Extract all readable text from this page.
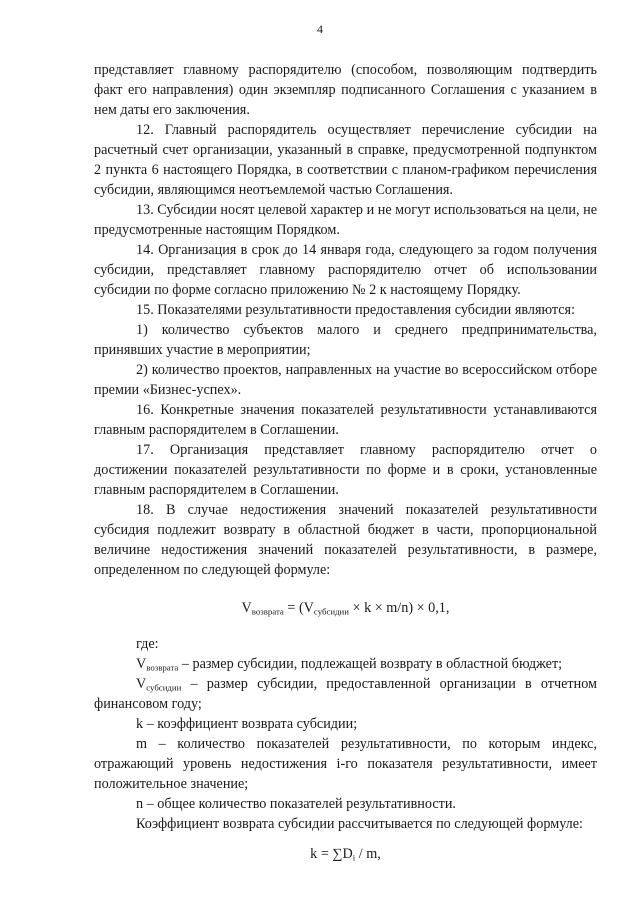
4

представляет главному распорядителю (способом, позволяющим подтвердить факт его направления) один экземпляр подписанного Соглашения с указанием в нем даты его заключения.

12. Главный распорядитель осуществляет перечисление субсидии на расчетный счет организации, указанный в справке, предусмотренной подпунктом 2 пункта 6 настоящего Порядка, в соответствии с планом-графиком перечисления субсидии, являющимся неотъемлемой частью Соглашения.

13. Субсидии носят целевой характер и не могут использоваться на цели, не предусмотренные настоящим Порядком.

14. Организация в срок до 14 января года, следующего за годом получения субсидии, представляет главному распорядителю отчет об использовании субсидии по форме согласно приложению № 2 к настоящему Порядку.

15. Показателями результативности предоставления субсидии являются:

1) количество субъектов малого и среднего предпринимательства, принявших участие в мероприятии;

2) количество проектов, направленных на участие во всероссийском отборе премии «Бизнес-успех».

16. Конкретные значения показателей результативности устанавливаются главным распорядителем в Соглашении.

17. Организация представляет главному распорядителю отчет о достижении показателей результативности по форме и в сроки, установленные главным распорядителем в Соглашении.

18. В случае недостижения значений показателей результативности субсидия подлежит возврату в областной бюджет в части, пропорциональной величине недостижения значений показателей результативности, в размере, определенном по следующей формуле:

$V_{возврата} = (V_{субсидии} \times k \times m/n) \times 0,1$,

где:

$V_{возврата}$ – размер субсидии, подлежащей возврату в областной бюджет;

$V_{субсидии}$ – размер субсидии, предоставленной организации в отчетном финансовом году;

k – коэффициент возврата субсидии;

m – количество показателей результативности, по которым индекс, отражающий уровень недостижения i-го показателя результативности, имеет положительное значение;

n – общее количество показателей результативности.

Коэффициент возврата субсидии рассчитывается по следующей формуле:

$k = \sum D_i / m$,
